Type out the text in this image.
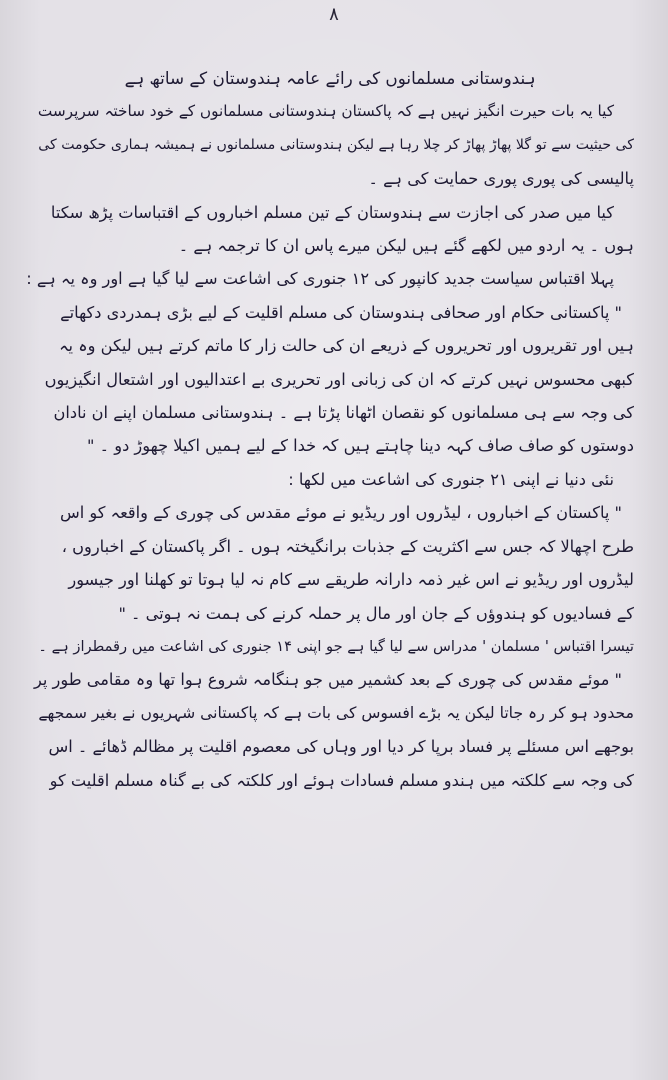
۸
ہندوستانی مسلمانوں کی رائے عامہ ہندوستان کے ساتھ ہے
کیا یہ بات حیرت انگیز نہیں ہے کہ پاکستان ہندوستانی مسلمانوں کے خود ساختہ سرپرست
کی حیثیت سے تو گلا پھاڑ پھاڑ کر چلا رہا ہے لیکن ہندوستانی مسلمانوں نے ہمیشہ ہماری حکومت کی
پالیسی کی پوری پوری حمایت کی ہے ۔
کیا میں صدر کی اجازت سے ہندوستان کے تین مسلم اخباروں کے اقتباسات پڑھ سکتا
ہوں ۔ یہ اردو میں لکھے گئے ہیں لیکن میرے پاس ان کا ترجمہ ہے ۔
پہلا اقتباس سیاست جدید کانپور کی ۱۲ جنوری کی اشاعت سے لیا گیا ہے اور وہ یہ ہے :
" پاکستانی حکام اور صحافی ہندوستان کی مسلم اقلیت کے لیے بڑی ہمدردی دکھاتے
ہیں اور تقریروں اور تحریروں کے ذریعے ان کی حالت زار کا ماتم کرتے ہیں لیکن وہ یہ
کبھی محسوس نہیں کرتے کہ ان کی زبانی اور تحریری بے اعتدالیوں اور اشتعال انگیزیوں
کی وجہ سے ہی مسلمانوں کو نقصان اٹھانا پڑتا ہے ۔ ہندوستانی مسلمان اپنے ان نادان
دوستوں کو صاف صاف کہہ دینا چاہتے ہیں کہ خدا کے لیے ہمیں اکیلا چھوڑ دو ۔ "
نئی دنیا نے اپنی ۲۱ جنوری کی اشاعت میں لکھا :
" پاکستان کے اخباروں ، لیڈروں اور ریڈیو نے موئے مقدس کی چوری کے واقعہ کو اس
طرح اچھالا کہ جس سے اکثریت کے جذبات برانگیختہ ہوں ۔ اگر پاکستان کے اخباروں ،
لیڈروں اور ریڈیو نے اس غیر ذمہ دارانہ طریقے سے کام نہ لیا ہوتا تو کھلنا اور جیسور
کے فسادیوں کو ہندوؤں کے جان اور مال پر حملہ کرنے کی ہمت نہ ہوتی ۔ "
تیسرا اقتباس ' مسلمان ' مدراس سے لیا گیا ہے جو اپنی ۱۴ جنوری کی اشاعت میں رقمطراز ہے ۔
" موئے مقدس کی چوری کے بعد کشمیر میں جو ہنگامہ شروع ہوا تھا وہ مقامی طور پر
محدود ہو کر رہ جاتا لیکن یہ بڑے افسوس کی بات ہے کہ پاکستانی شہریوں نے بغیر سمجھے
بوجھے اس مسئلے پر فساد برپا کر دیا اور وہاں کی معصوم اقلیت پر مظالم ڈھائے ۔ اس
کی وجہ سے کلکتہ میں ہندو مسلم فسادات ہوئے اور کلکتہ کی بے گناہ مسلم اقلیت کو
